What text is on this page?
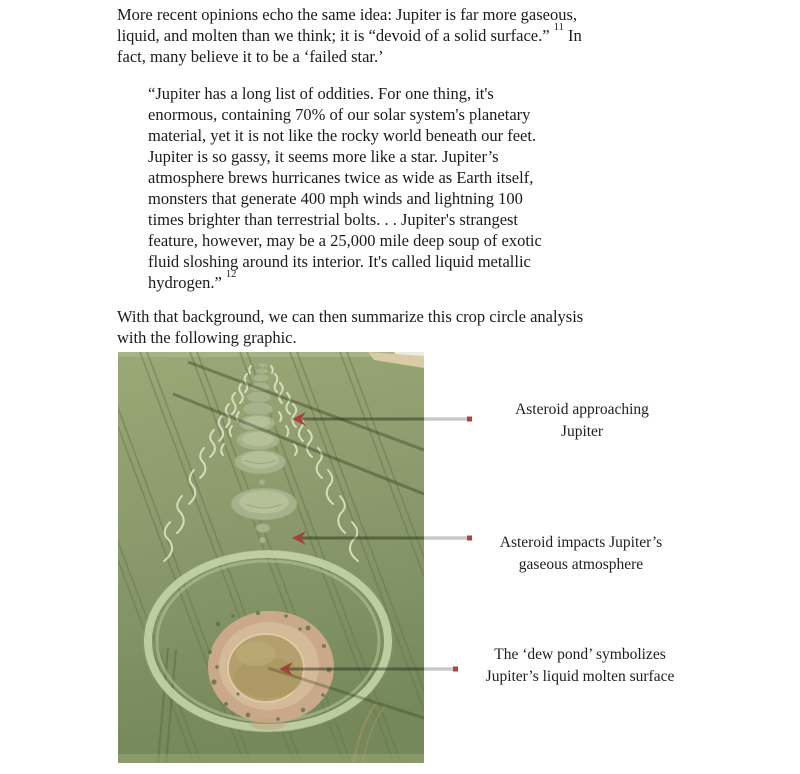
More recent opinions echo the same idea: Jupiter is far more gaseous,
liquid, and molten than we think; it is “devoid of a solid surface.” $^{11}$ In
fact, many believe it to be a ‘failed star.’
“Jupiter has a long list of oddities. For one thing, it's
enormous, containing 70% of our solar system's planetary
material, yet it is not like the rocky world beneath our feet.
Jupiter is so gassy, it seems more like a star. Jupiter’s
atmosphere brews hurricanes twice as wide as Earth itself,
monsters that generate 400 mph winds and lightning 100
times brighter than terrestrial bolts. . . Jupiter's strangest
feature, however, may be a 25,000 mile deep soup of exotic
fluid sloshing around its interior. It's called liquid metallic
hydrogen.” $^{12}$
With that background, we can then summarize this crop circle analysis
with the following graphic.
Asteroid approaching
Jupiter
Asteroid impacts Jupiter’s
gaseous atmosphere
The ‘dew pond’ symbolizes
Jupiter’s liquid molten surface
